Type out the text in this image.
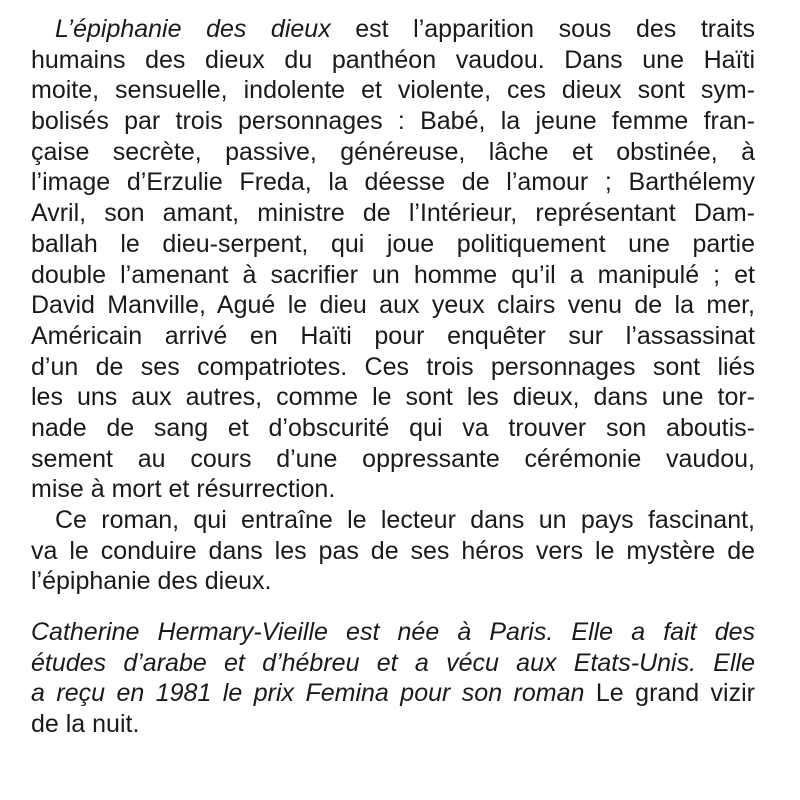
L’épiphanie des dieux est l’apparition sous des traits
humains des dieux du panthéon vaudou. Dans une Haïti
moite, sensuelle, indolente et violente, ces dieux sont sym-
bolisés par trois personnages : Babé, la jeune femme fran-
çaise secrète, passive, généreuse, lâche et obstinée, à
l’image d’Erzulie Freda, la déesse de l’amour ; Barthélemy
Avril, son amant, ministre de l’Intérieur, représentant Dam-
ballah le dieu-serpent, qui joue politiquement une partie
double l’amenant à sacrifier un homme qu’il a manipulé ; et
David Manville, Agué le dieu aux yeux clairs venu de la mer,
Américain arrivé en Haïti pour enquêter sur l’assassinat
d’un de ses compatriotes. Ces trois personnages sont liés
les uns aux autres, comme le sont les dieux, dans une tor-
nade de sang et d’obscurité qui va trouver son aboutis-
sement au cours d’une oppressante cérémonie vaudou,
mise à mort et résurrection.
Ce roman, qui entraîne le lecteur dans un pays fascinant,
va le conduire dans les pas de ses héros vers le mystère de
l’épiphanie des dieux.
Catherine Hermary-Vieille est née à Paris. Elle a fait des
études d’arabe et d’hébreu et a vécu aux Etats-Unis. Elle
a reçu en 1981 le prix Femina pour son roman Le grand vizir
de la nuit.
